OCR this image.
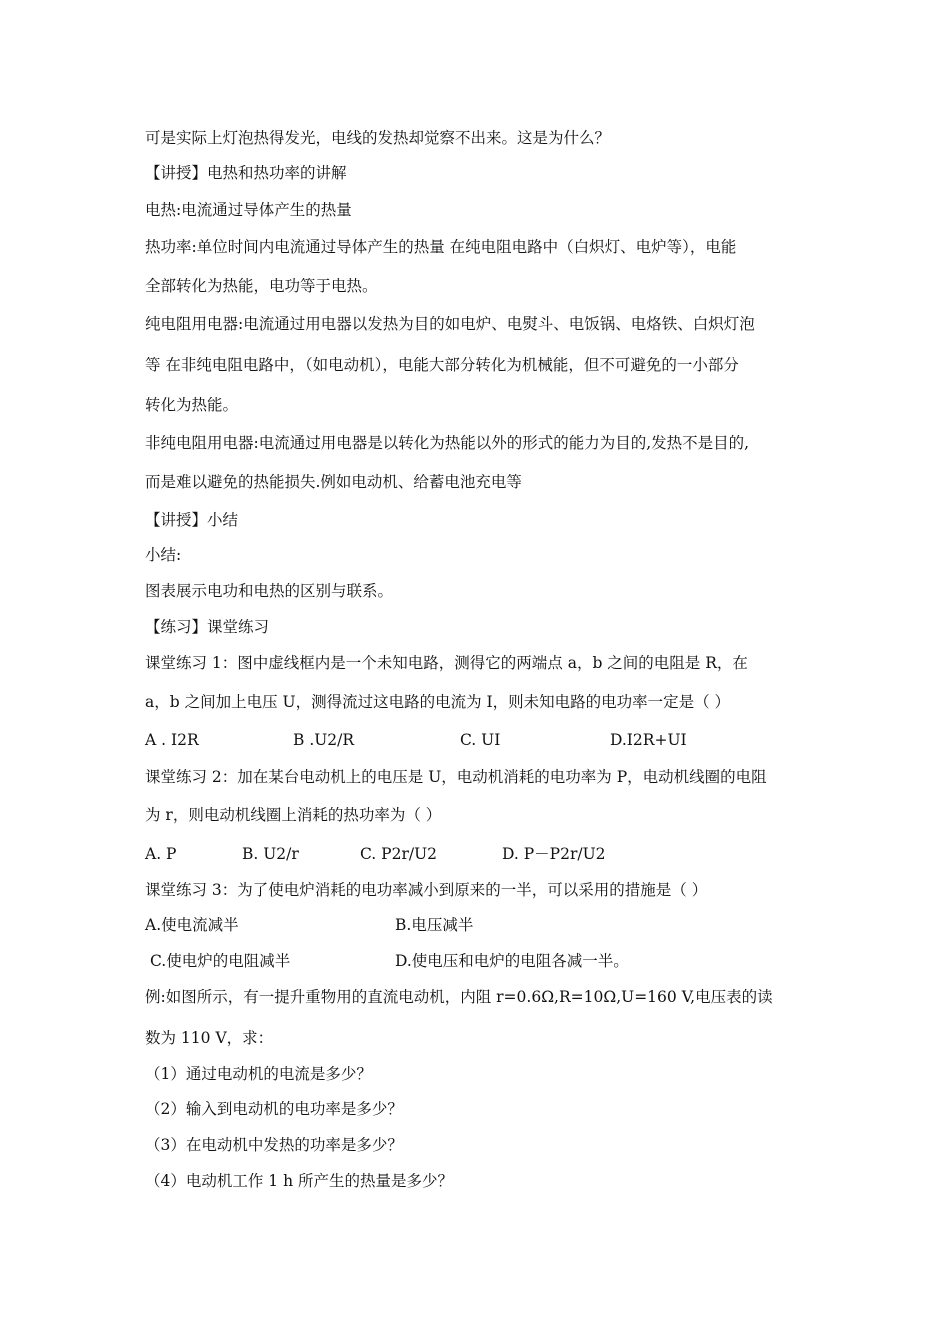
可是实际上灯泡热得发光，电线的发热却觉察不出来。这是为什么？
【讲授】电热和热功率的讲解
电热:电流通过导体产生的热量
热功率:单位时间内电流通过导体产生的热量 在纯电阻电路中（白炽灯、电炉等），电能
全部转化为热能，电功等于电热。
纯电阻用电器:电流通过用电器以发热为目的如电炉、电熨斗、电饭锅、电烙铁、白炽灯泡
等 在非纯电阻电路中，（如电动机），电能大部分转化为机械能，但不可避免的一小部分
转化为热能。
非纯电阻用电器:电流通过用电器是以转化为热能以外的形式的能力为目的,发热不是目的,
而是难以避免的热能损失.例如电动机、给蓄电池充电等
【讲授】小结
小结:
图表展示电功和电热的区别与联系。
【练习】课堂练习
课堂练习 1：图中虚线框内是一个未知电路，测得它的两端点 a，b 之间的电阻是 R，在
a，b 之间加上电压 U，测得流过这电路的电流为 I，则未知电路的电功率一定是（ ）
A . I2R	B .U2/R	C. UI	D.I2R+UI
课堂练习 2：加在某台电动机上的电压是 U，电动机消耗的电功率为 P，电动机线圈的电阻
为 r，则电动机线圈上消耗的热功率为（ ）
A. P	B. U2/r	C. P2r/U2	D. P－P2r/U2
课堂练习 3：为了使电炉消耗的电功率减小到原来的一半，可以采用的措施是（ ）
A.使电流减半	B.电压减半
C.使电炉的电阻减半	D.使电压和电炉的电阻各减一半。
例:如图所示，有一提升重物用的直流电动机，内阻 r=0.6Ω,R=10Ω,U=160 V,电压表的读
数为 110 V，求：
（1）通过电动机的电流是多少？
（2）输入到电动机的电功率是多少？
（3）在电动机中发热的功率是多少？
（4）电动机工作 1 h 所产生的热量是多少？
